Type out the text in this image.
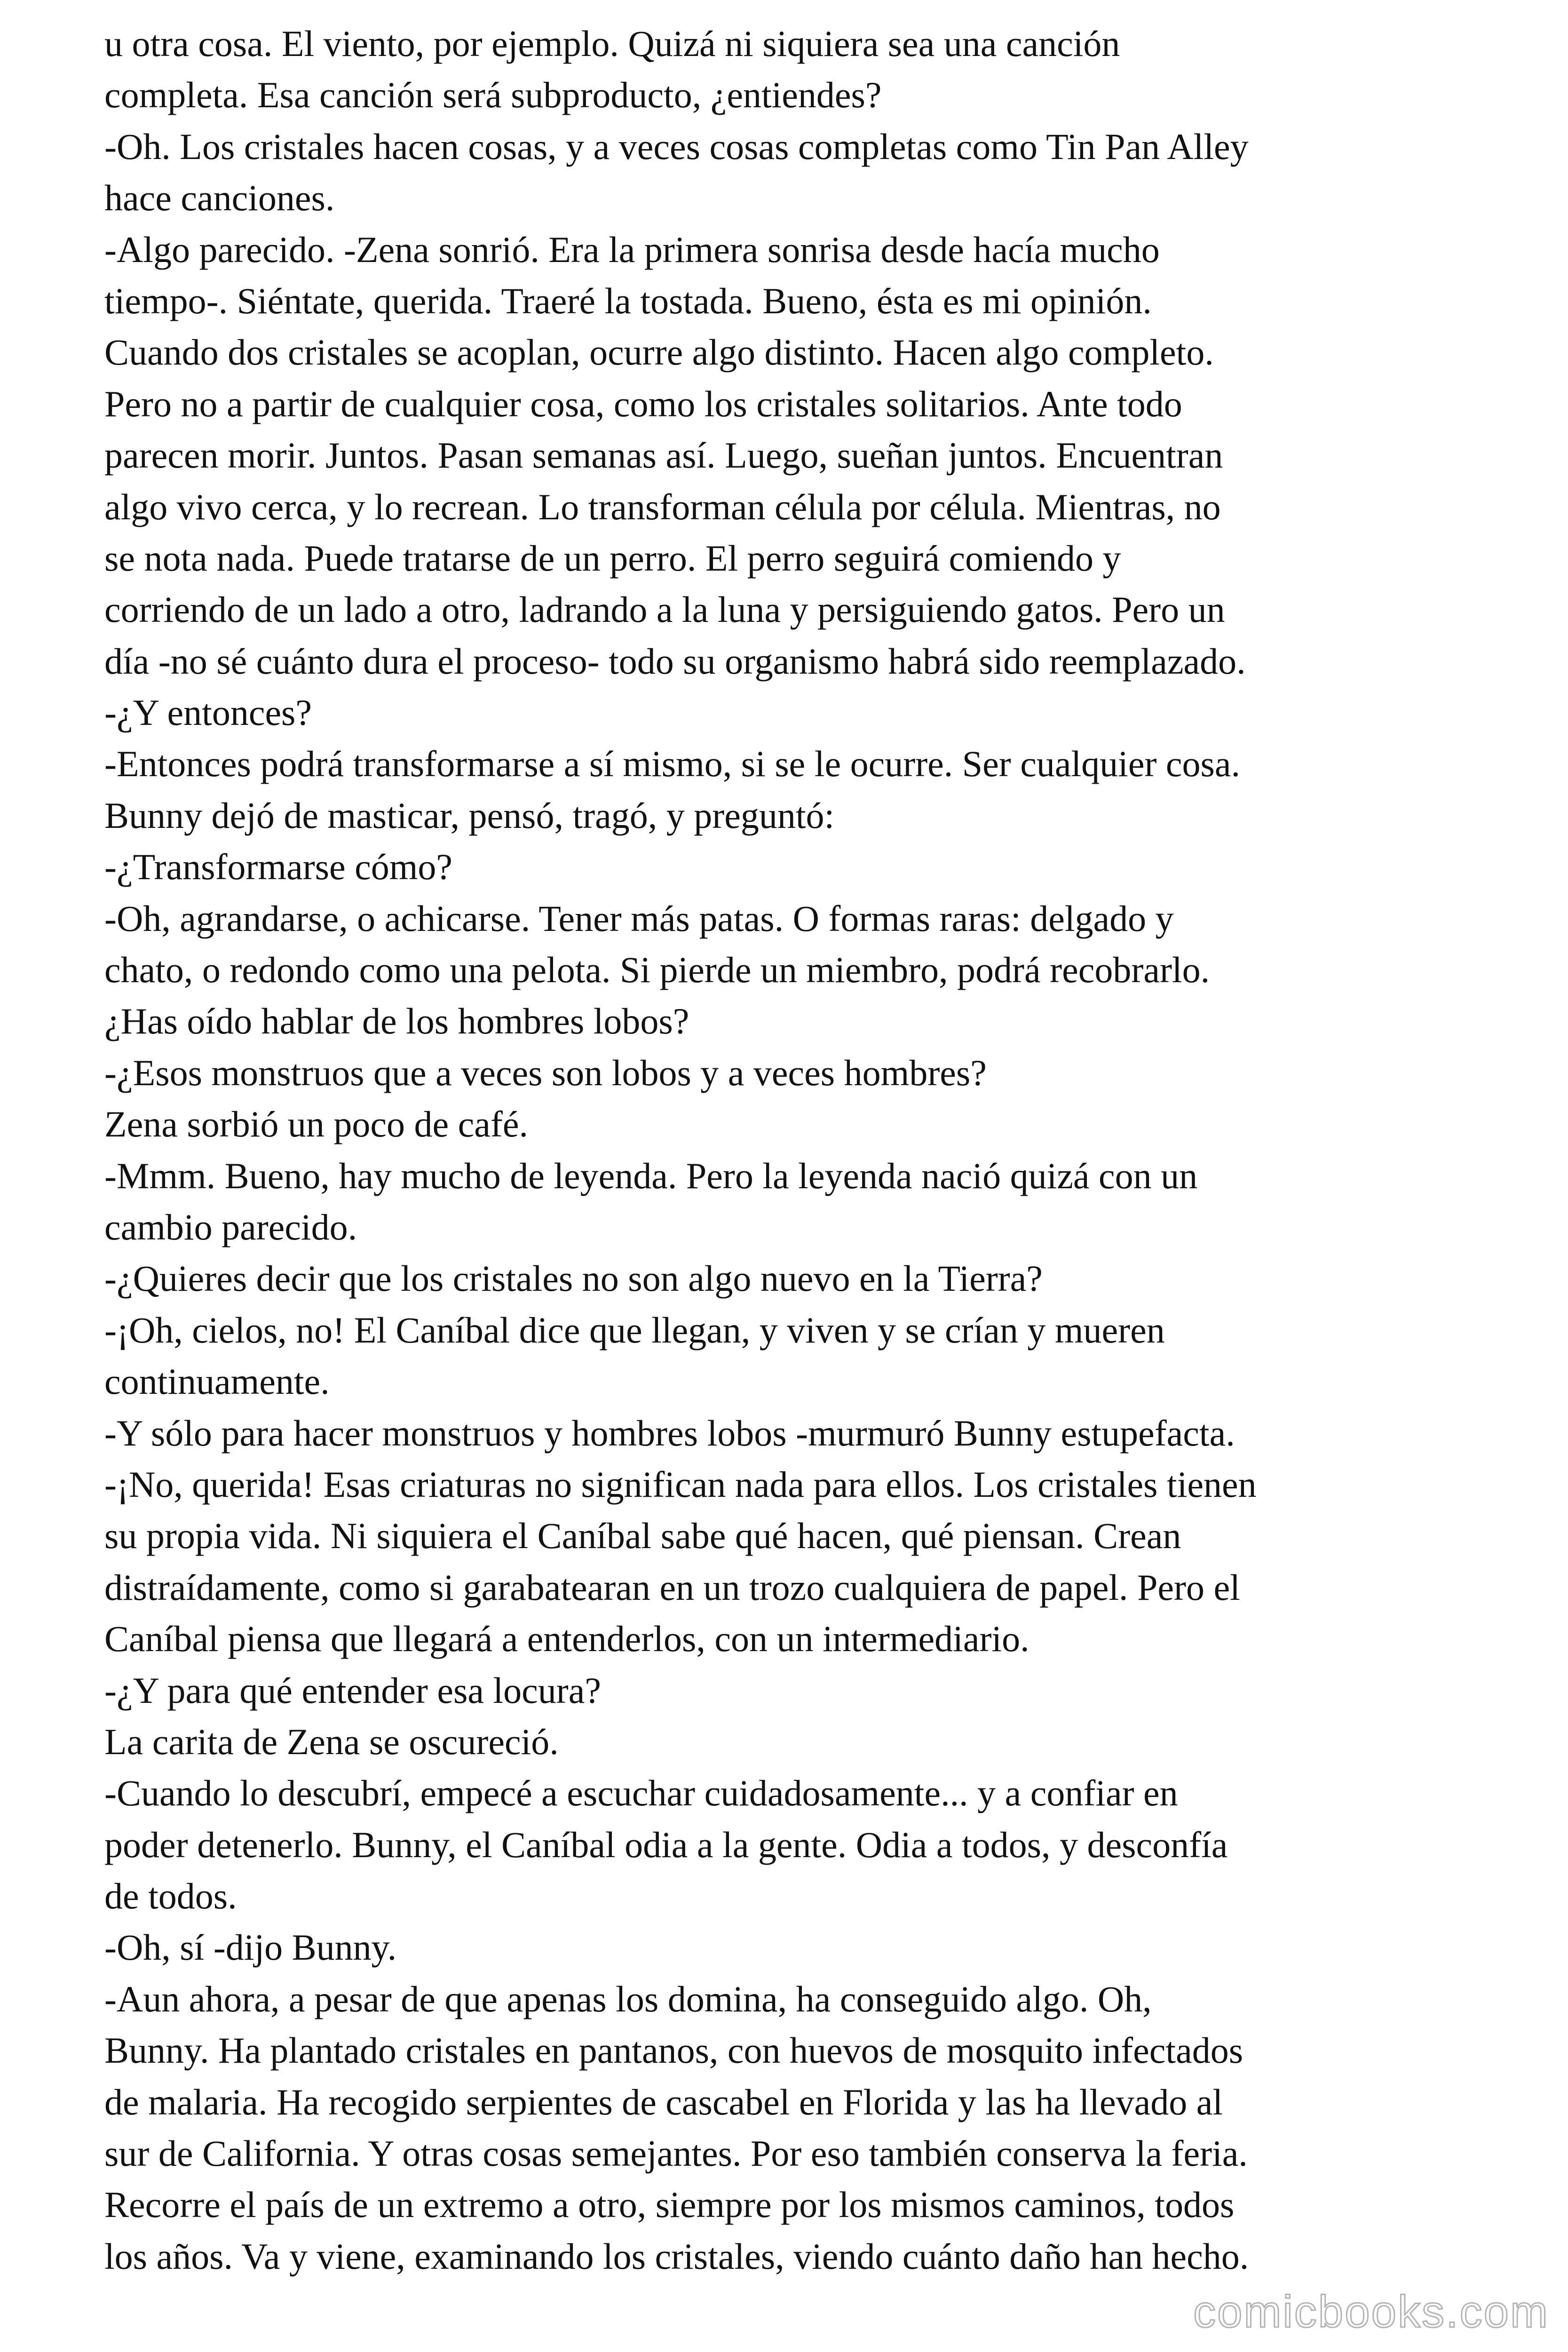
u otra cosa. El viento, por ejemplo. Quizá ni siquiera sea una canción
completa. Esa canción será subproducto, ¿entiendes?
-Oh. Los cristales hacen cosas, y a veces cosas completas como Tin Pan Alley
hace canciones.
-Algo parecido. -Zena sonrió. Era la primera sonrisa desde hacía mucho
tiempo-. Siéntate, querida. Traeré la tostada. Bueno, ésta es mi opinión.
Cuando dos cristales se acoplan, ocurre algo distinto. Hacen algo completo.
Pero no a partir de cualquier cosa, como los cristales solitarios. Ante todo
parecen morir. Juntos. Pasan semanas así. Luego, sueñan juntos. Encuentran
algo vivo cerca, y lo recrean. Lo transforman célula por célula. Mientras, no
se nota nada. Puede tratarse de un perro. El perro seguirá comiendo y
corriendo de un lado a otro, ladrando a la luna y persiguiendo gatos. Pero un
día -no sé cuánto dura el proceso- todo su organismo habrá sido reemplazado.
-¿Y entonces?
-Entonces podrá transformarse a sí mismo, si se le ocurre. Ser cualquier cosa.
Bunny dejó de masticar, pensó, tragó, y preguntó:
-¿Transformarse cómo?
-Oh, agrandarse, o achicarse. Tener más patas. O formas raras: delgado y
chato, o redondo como una pelota. Si pierde un miembro, podrá recobrarlo.
¿Has oído hablar de los hombres lobos?
-¿Esos monstruos que a veces son lobos y a veces hombres?
Zena sorbió un poco de café.
-Mmm. Bueno, hay mucho de leyenda. Pero la leyenda nació quizá con un
cambio parecido.
-¿Quieres decir que los cristales no son algo nuevo en la Tierra?
-¡Oh, cielos, no! El Caníbal dice que llegan, y viven y se crían y mueren
continuamente.
-Y sólo para hacer monstruos y hombres lobos -murmuró Bunny estupefacta.
-¡No, querida! Esas criaturas no significan nada para ellos. Los cristales tienen
su propia vida. Ni siquiera el Caníbal sabe qué hacen, qué piensan. Crean
distraídamente, como si garabatearan en un trozo cualquiera de papel. Pero el
Caníbal piensa que llegará a entenderlos, con un intermediario.
-¿Y para qué entender esa locura?
La carita de Zena se oscureció.
-Cuando lo descubrí, empecé a escuchar cuidadosamente... y a confiar en
poder detenerlo. Bunny, el Caníbal odia a la gente. Odia a todos, y desconfía
de todos.
-Oh, sí -dijo Bunny.
-Aun ahora, a pesar de que apenas los domina, ha conseguido algo. Oh,
Bunny. Ha plantado cristales en pantanos, con huevos de mosquito infectados
de malaria. Ha recogido serpientes de cascabel en Florida y las ha llevado al
sur de California. Y otras cosas semejantes. Por eso también conserva la feria.
Recorre el país de un extremo a otro, siempre por los mismos caminos, todos
los años. Va y viene, examinando los cristales, viendo cuánto daño han hecho.
comicbooks.com
